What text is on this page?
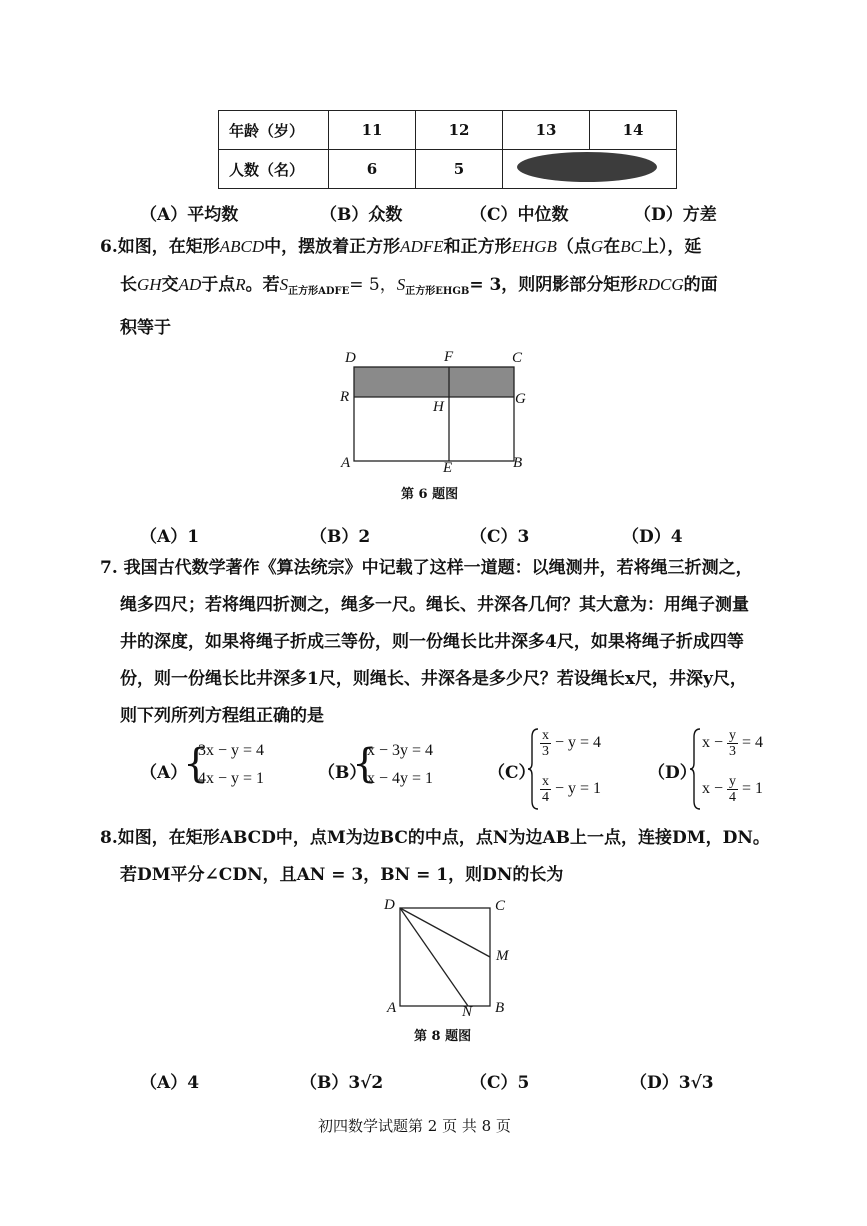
年龄（岁）	11	12	13	14
人数（名）	6	5	
（A）平均数	（B）众数	（C）中位数	（D）方差
6.如图，在矩形ABCD中，摆放着正方形ADFE和正方形EHGB（点G在BC上），延
长GH交AD于点R。若$S_{正方形ADFE}= 5$，$S_{正方形EHGB}= 3$，则阴影部分矩形RDCG的面
积等于
D	F	C
R
H	G
A	E	B
第 6 题图
（A）1	（B）2	（C）3	（D）4
7. 我国古代数学著作《算法统宗》中记载了这样一道题：以绳测井，若将绳三折测之，
绳多四尺；若将绳四折测之，绳多一尺。绳长、井深各几何？其大意为：用绳子测量
井的深度，如果将绳子折成三等份，则一份绳长比井深多4尺，如果将绳子折成四等
份，则一份绳长比井深多1尺，则绳长、井深各是多少尺？若设绳长x尺，井深y尺，
则下列所列方程组正确的是
（A）
{
3x − y = 4
4x − y = 1	（B）
{
x − 3y = 4
x − 4y = 1	（C）
$\frac{x}{3} - y = 4$
$\frac{x}{4} - y = 1$
（D）
$x - \frac{y}{3} = 4$
$x - \frac{y}{4} = 1$
8.如图，在矩形ABCD中，点M为边BC的中点，点N为边AB上一点，连接DM，DN。
若DM平分∠CDN，且AN = 3，BN = 1，则DN的长为
D	C
M
A	N B
第 8 题图
（A）4	（B）3√2	（C）5	（D）3√3
初四数学试题第 2 页 共 8 页
